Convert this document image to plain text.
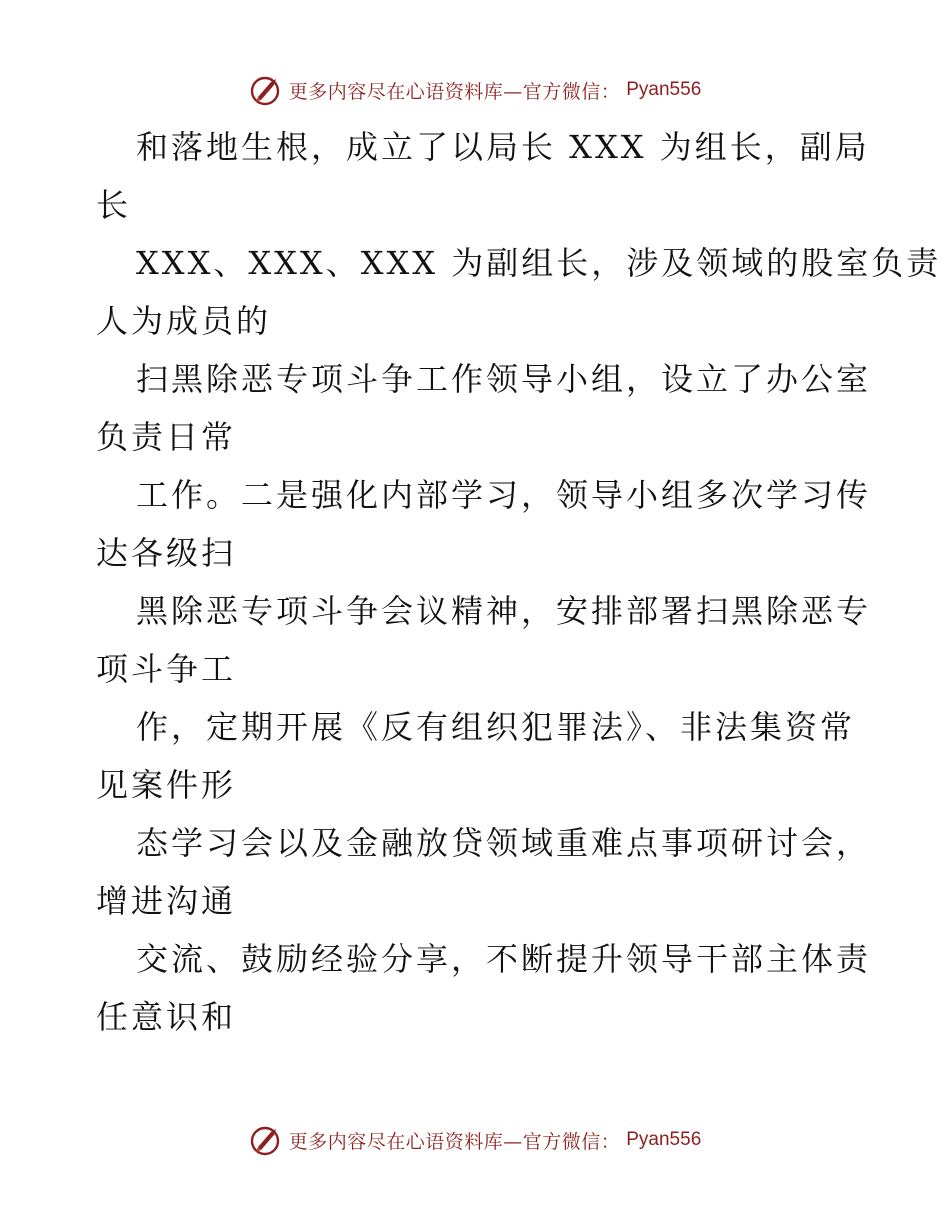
更多内容尽在心语资料库—官方微信： Pyan556
和落地生根，成立了以局长 XXX 为组长，副局
长
XXX、XXX、XXX 为副组长，涉及领域的股室负责
人为成员的
扫黑除恶专项斗争工作领导小组，设立了办公室
负责日常
工作。二是强化内部学习，领导小组多次学习传
达各级扫
黑除恶专项斗争会议精神，安排部署扫黑除恶专
项斗争工
作，定期开展《反有组织犯罪法》、非法集资常
见案件形
态学习会以及金融放贷领域重难点事项研讨会，
增进沟通
交流、鼓励经验分享，不断提升领导干部主体责
任意识和
更多内容尽在心语资料库—官方微信： Pyan556
